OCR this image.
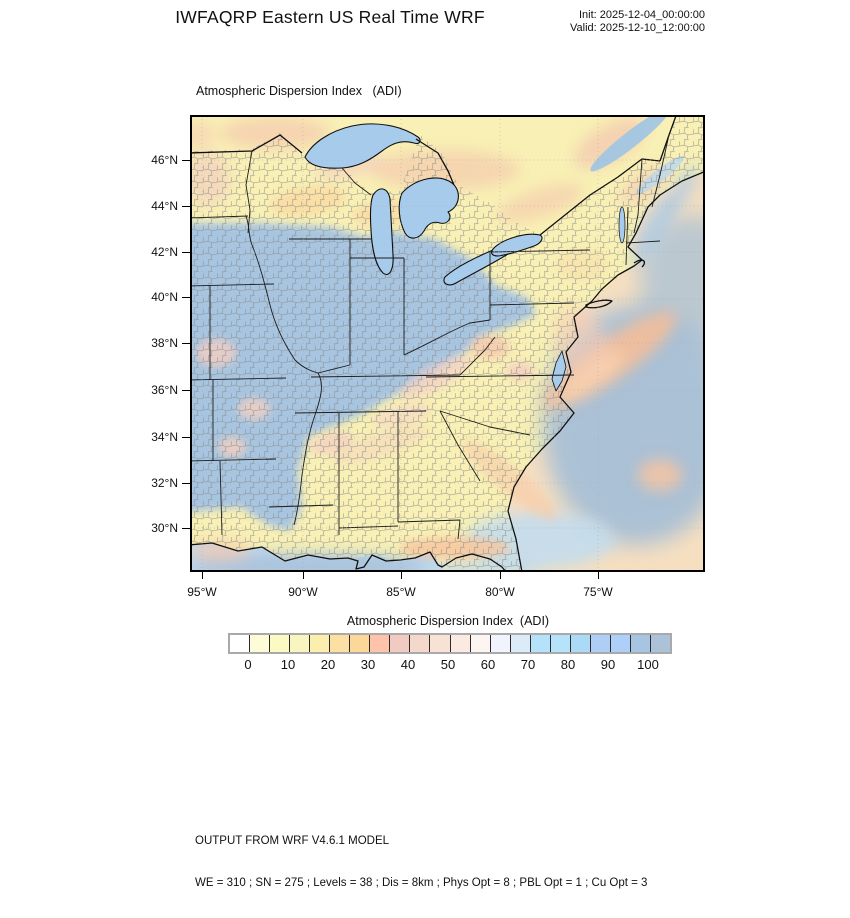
IWFAQRP Eastern US Real Time WRF	Init: 2025-12-04_00:00:00
Valid: 2025-12-10_12:00:00
Atmospheric Dispersion Index   (ADI)
Atmospheric Dispersion Index  (ADI)

OUTPUT FROM WRF V4.6.1 MODEL

WE = 310 ; SN = 275 ; Levels = 38 ; Dis = 8km ; Phys Opt = 8 ; PBL Opt = 1 ; Cu Opt = 3

46°N
44°N
42°N
40°N
38°N
36°N
34°N
32°N
30°N
95°W	90°W	85°W	80°W	75°W
0	10	20	30	40	50	60	70	80	90	100
